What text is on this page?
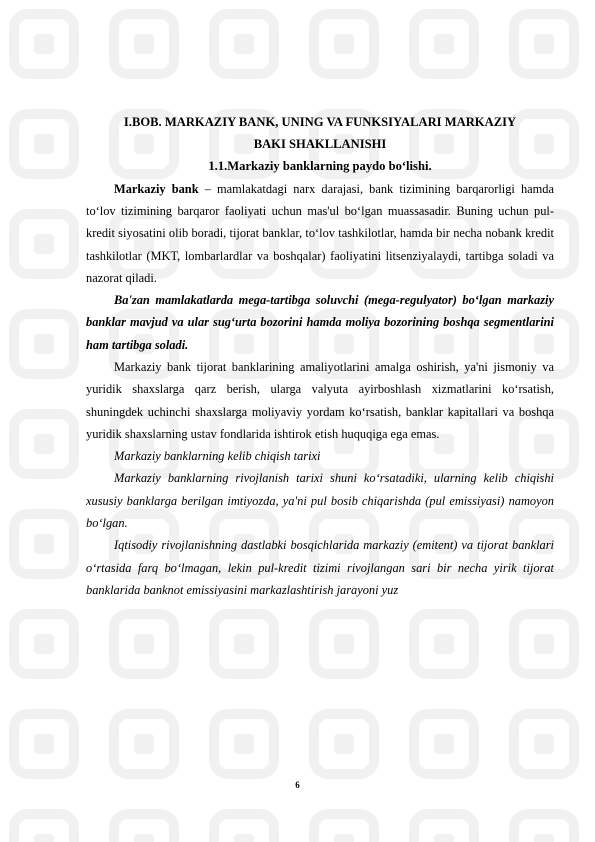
I.BOB. MARKAZIY BANK, UNING VA FUNKSIYALARI MARKAZIY
BAKI SHAKLLANISHI
1.1.Markaziy banklarning paydo bo‘lishi.

Markaziy bank – mamlakatdagi narx darajasi, bank tizimining barqarorligi hamda to‘lov tizimining barqaror faoliyati uchun mas'ul bo‘lgan muassasadir. Buning uchun pul-kredit siyosatini olib boradi, tijorat banklar, to‘lov tashkilotlar, hamda bir necha nobank kredit tashkilotlar (MKT, lombarlardlar va boshqalar) faoliyatini litsenziyalaydi, tartibga soladi va nazorat qiladi.

Ba'zan mamlakatlarda mega-tartibga soluvchi (mega-regulyator) bo‘lgan markaziy banklar mavjud va ular sug‘urta bozorini hamda moliya bozorining boshqa segmentlarini ham tartibga soladi.

Markaziy bank tijorat banklarining amaliyotlarini amalga oshirish, ya'ni jismoniy va yuridik shaxslarga qarz berish, ularga valyuta ayirboshlash xizmatlarini ko‘rsatish, shuningdek uchinchi shaxslarga moliyaviy yordam ko‘rsatish, banklar kapitallari va boshqa yuridik shaxslarning ustav fondlarida ishtirok etish huquqiga ega emas.

Markaziy banklarning kelib chiqish tarixi

Markaziy banklarning rivojlanish tarixi shuni ko‘rsatadiki, ularning kelib chiqishi xususiy banklarga berilgan imtiyozda, ya'ni pul bosib chiqarishda (pul emissiyasi) namoyon bo‘lgan.

Iqtisodiy rivojlanishning dastlabki bosqichlarida markaziy (emitent) va tijorat banklari o‘rtasida farq bo‘lmagan, lekin pul-kredit tizimi rivojlangan sari bir necha yirik tijorat banklarida banknot emissiyasini markazlashtirish jarayoni yuz

6
